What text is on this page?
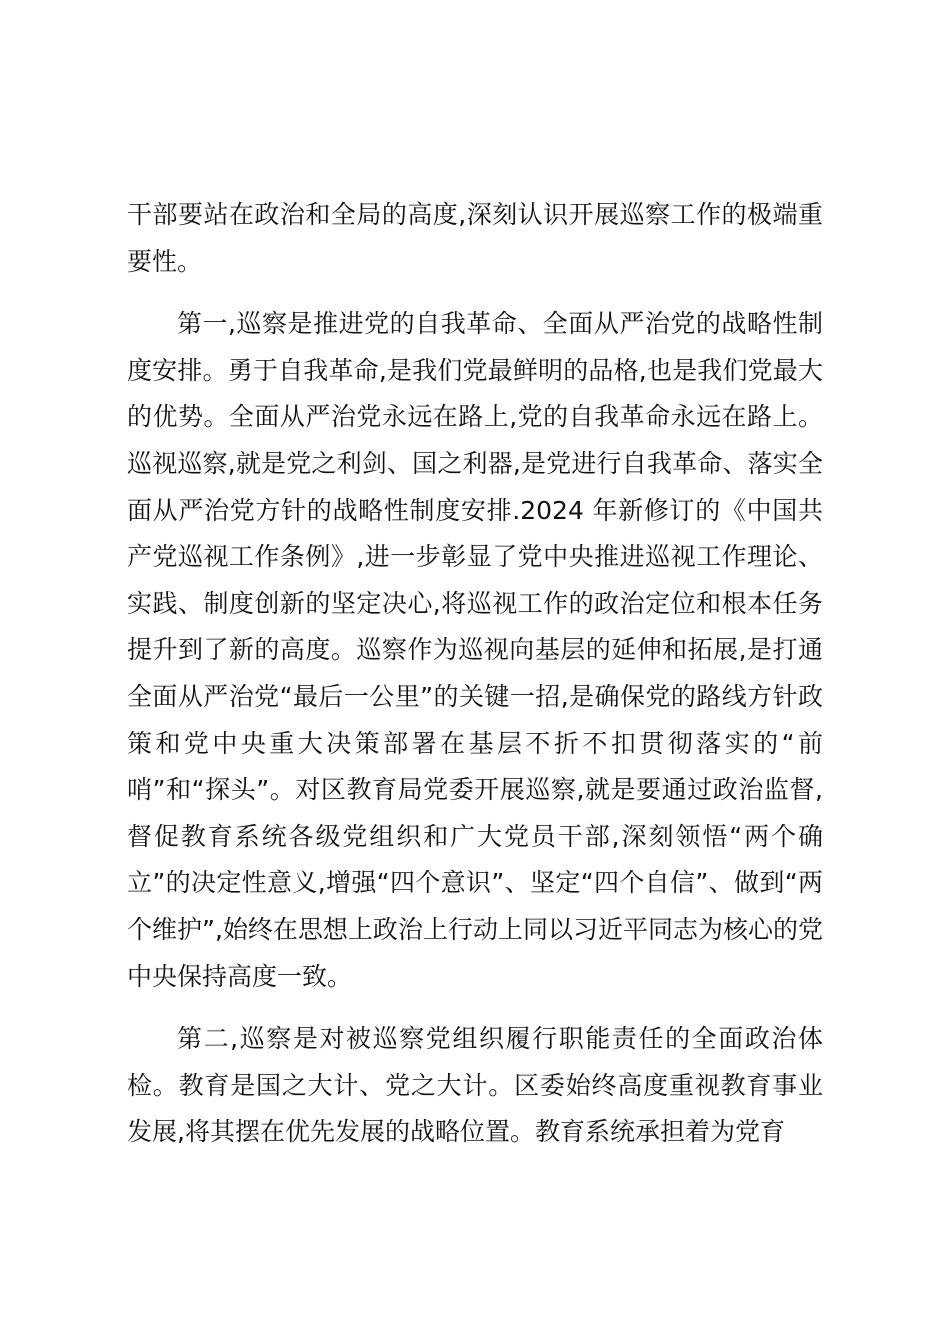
干部要站在政治和全局的高度,深刻认识开展巡察工作的极端重要性。

第一,巡察是推进党的自我革命、全面从严治党的战略性制度安排。勇于自我革命,是我们党最鲜明的品格,也是我们党最大的优势。全面从严治党永远在路上,党的自我革命永远在路上。巡视巡察,就是党之利剑、国之利器,是党进行自我革命、落实全面从严治党方针的战略性制度安排.2024 年新修订的《中国共产党巡视工作条例》,进一步彰显了党中央推进巡视工作理论、实践、制度创新的坚定决心,将巡视工作的政治定位和根本任务提升到了新的高度。巡察作为巡视向基层的延伸和拓展,是打通全面从严治党“最后一公里”的关键一招,是确保党的路线方针政策和党中央重大决策部署在基层不折不扣贯彻落实的“前哨”和“探头”。对区教育局党委开展巡察,就是要通过政治监督,督促教育系统各级党组织和广大党员干部,深刻领悟“两个确立”的决定性意义,增强“四个意识”、坚定“四个自信”、做到“两个维护”,始终在思想上政治上行动上同以习近平同志为核心的党中央保持高度一致。

第二,巡察是对被巡察党组织履行职能责任的全面政治体检。教育是国之大计、党之大计。区委始终高度重视教育事业发展,将其摆在优先发展的战略位置。教育系统承担着为党育
